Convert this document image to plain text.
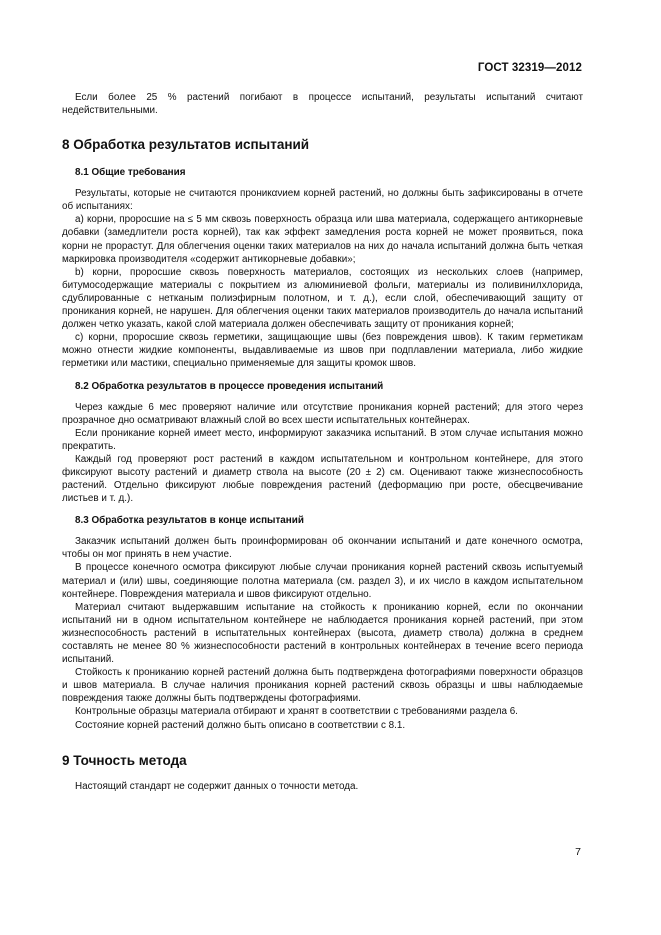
ГОСТ 32319—2012

Если более 25 % растений погибают в процессе испытаний, результаты испытаний считают недействительными.

8 Обработка результатов испытаний
8.1 Общие требования

Результаты, которые не считаются проникανием корней растений, но должны быть зафиксированы в отчете об испытаниях:

а) корни, проросшие на ≤ 5 мм сквозь поверхность образца или шва материала, содержащего антикорневые добавки (замедлители роста корней), так как эффект замедления роста корней не может проявиться, пока корни не прорастут. Для облегчения оценки таких материалов на них до начала испытаний должна быть четкая маркировка производителя «содержит антикорневые добавки»;

b) корни, проросшие сквозь поверхность материалов, состоящих из нескольких слоев (например, битумосодержащие материалы с покрытием из алюминиевой фольги, материалы из поливинилхлорида, сдублированные с нетканым полиэфирным полотном, и т. д.), если слой, обеспечивающий защиту от проникания корней, не нарушен. Для облегчения оценки таких материалов производитель до начала испытаний должен четко указать, какой слой материала должен обеспечивать защиту от проникания корней;

c) корни, проросшие сквозь герметики, защищающие швы (без повреждения швов). К таким герметикам можно отнести жидкие компоненты, выдавливаемые из швов при подплавлении материала, либо жидкие герметики или мастики, специально применяемые для защиты кромок швов.

8.2 Обработка результатов в процессе проведения испытаний

Через каждые 6 мес проверяют наличие или отсутствие проникания корней растений; для этого через прозрачное дно осматривают влажный слой во всех шести испытательных контейнерах.

Если проникание корней имеет место, информируют заказчика испытаний. В этом случае испытания можно прекратить.

Каждый год проверяют рост растений в каждом испытательном и контрольном контейнере, для этого фиксируют высоту растений и диаметр ствола на высоте (20 ± 2) см. Оценивают также жизнеспособность растений. Отдельно фиксируют любые повреждения растений (деформацию при росте, обесцвечивание листьев и т. д.).

8.3 Обработка результатов в конце испытаний

Заказчик испытаний должен быть проинформирован об окончании испытаний и дате конечного осмотра, чтобы он мог принять в нем участие.

В процессе конечного осмотра фиксируют любые случаи проникания корней растений сквозь испытуемый материал и (или) швы, соединяющие полотна материала (см. раздел 3), и их число в каждом испытательном контейнере. Повреждения материала и швов фиксируют отдельно.

Материал считают выдержавшим испытание на стойкость к прониканию корней, если по окончании испытаний ни в одном испытательном контейнере не наблюдается проникания корней растений, при этом жизнеспособность растений в испытательных контейнерах (высота, диаметр ствола) должна в среднем составлять не менее 80 % жизнеспособности растений в контрольных контейнерах в течение всего периода испытаний.

Стойкость к прониканию корней растений должна быть подтверждена фотографиями поверхности образцов и швов материала. В случае наличия проникания корней растений сквозь образцы и швы наблюдаемые повреждения также должны быть подтверждены фотографиями.

Контрольные образцы материала отбирают и хранят в соответствии с требованиями раздела 6.

Состояние корней растений должно быть описано в соответствии с 8.1.

9 Точность метода

Настоящий стандарт не содержит данных о точности метода.

7
